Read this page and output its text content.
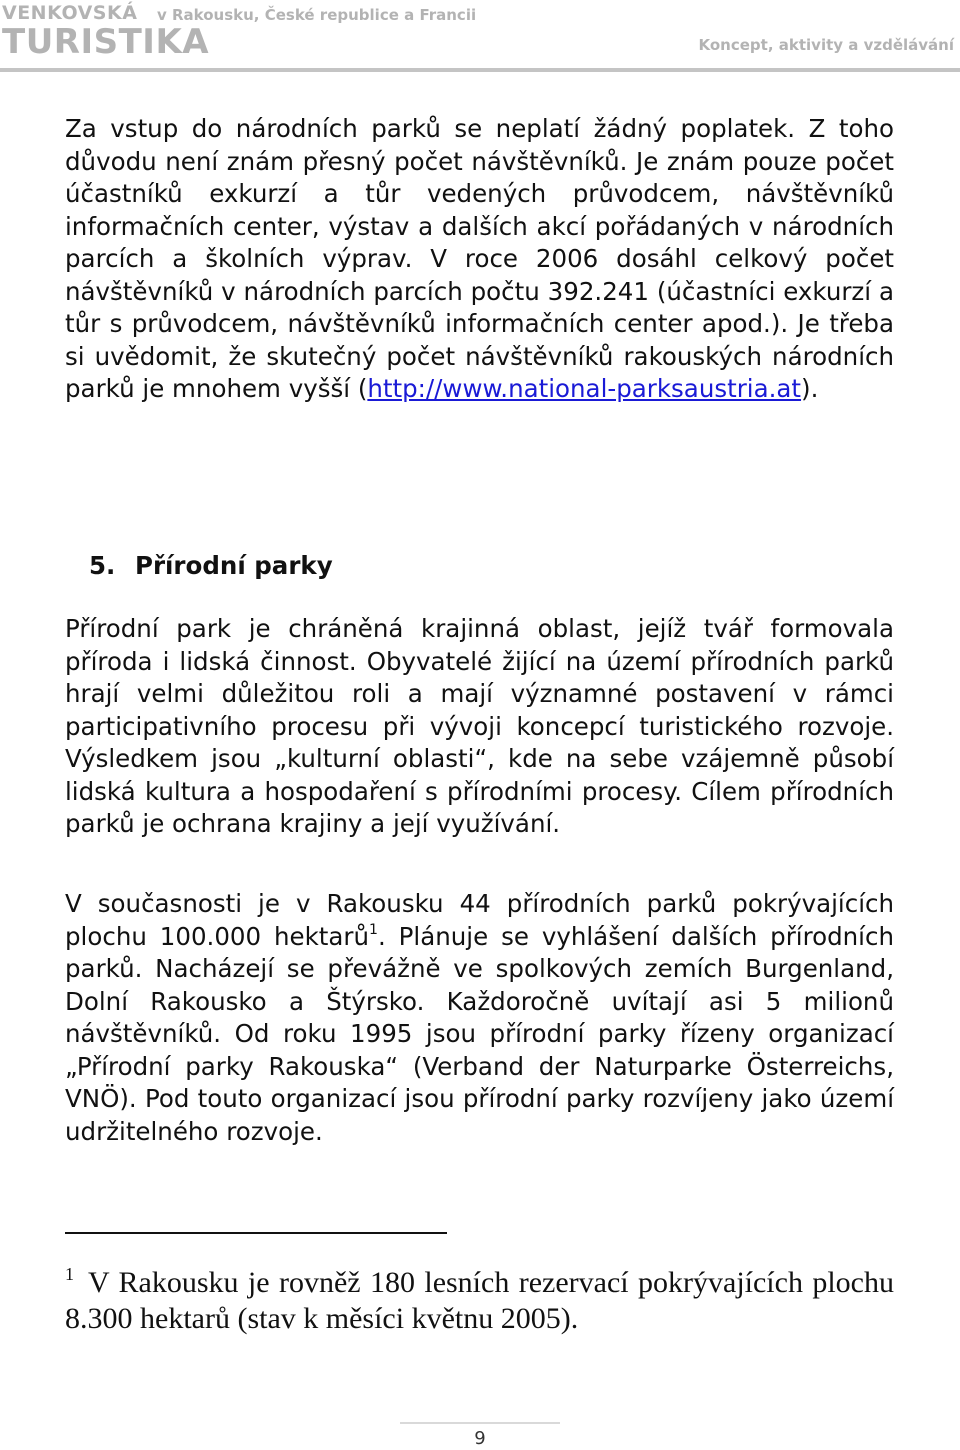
VENKOVSKÁ v Rakousku, České republice a Francii
TURISTIKA	Koncept, aktivity a vzdělávání

Za vstup do národních parků se neplatí žádný poplatek. Z toho důvodu není znám přesný počet návštěvníků. Je znám pouze počet účastníků exkurzí a tůr vedených průvodcem, návštěvníků informačních center, výstav a dalších akcí pořádaných v národních parcích a školních výprav. V roce 2006 dosáhl celkový počet návštěvníků v národních parcích počtu 392.241 (účastníci exkurzí a tůr s průvodcem, návštěvníků informačních center apod.). Je třeba si uvědomit, že skutečný počet návštěvníků rakouských národních parků je mnohem vyšší (http://www.national-parksaustria.at).

5. Přírodní parky

Přírodní park je chráněná krajinná oblast, jejíž tvář formovala příroda i lidská činnost. Obyvatelé žijící na území přírodních parků hrají velmi důležitou roli a mají významné postavení v rámci participativního procesu při vývoji koncepcí turistického rozvoje. Výsledkem jsou „kulturní oblasti“, kde na sebe vzájemně působí lidská kultura a hospodaření s přírodními procesy. Cílem přírodních parků je ochrana krajiny a její využívání.

V současnosti je v Rakousku 44 přírodních parků pokrývajících plochu 100.000 hektarů$^1$. Plánuje se vyhlášení dalších přírodních parků. Nacházejí se převážně ve spolkových zemích Burgenland, Dolní Rakousko a Štýrsko. Každoročně uvítají asi 5 milionů návštěvníků. Od roku 1995 jsou přírodní parky řízeny organizací „Přírodní parky Rakouska“ (Verband der Naturparke Österreichs, VNÖ). Pod touto organizací jsou přírodní parky rozvíjeny jako území udržitelného rozvoje.

$^1$ V Rakousku je rovněž 180 lesních rezervací pokrývajících plochu 8.300 hektarů (stav k měsíci květnu 2005).

9
